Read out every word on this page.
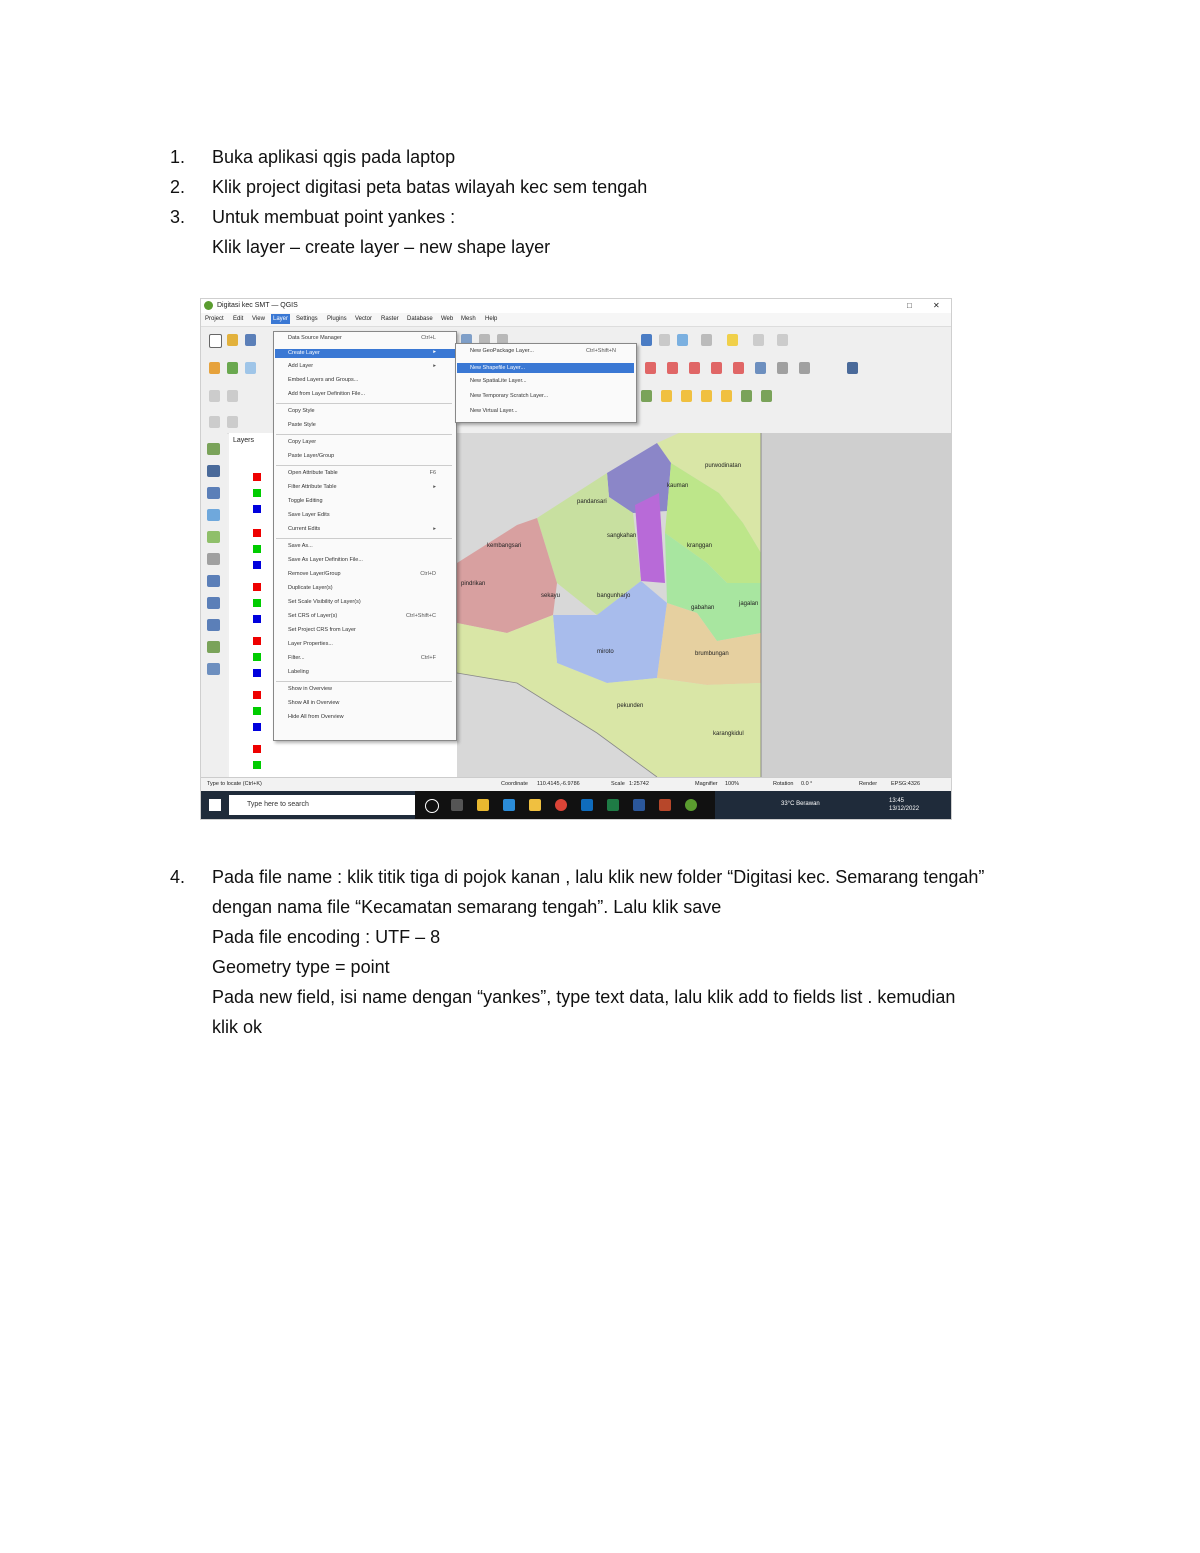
1.	Buka aplikasi qgis pada laptop
2.	Klik project digitasi peta batas wilayah kec sem tengah
3.	Untuk membuat point yankes :
Klik layer – create layer – new shape layer
Digitasi kec SMT — QGIS	□	✕
Project Edit View	Layer	Settings Plugins Vector Raster Database Web Mesh Help
Layers
purwodinatan
kauman
sekayu
sangkahan
kranggan
bangunharjo
jagalan
pindrikan
gabahan
miroto	brumbungan
pekunden
karangkidul
pandansari
kembangsari
Data Source Manager	Ctrl+L
Create Layer	▸
Add Layer	▸
Embed Layers and Groups...
Add from Layer Definition File...
Copy Style
Paste Style
Copy Layer
Paste Layer/Group
Open Attribute Table	F6
Filter Attribute Table	▸
Toggle Editing
Save Layer Edits
Current Edits	▸
Save As...
Save As Layer Definition File...
Remove Layer/Group	Ctrl+D
Duplicate Layer(s)
Set Scale Visibility of Layer(s)
Set CRS of Layer(s)	Ctrl+Shift+C
Set Project CRS from Layer
Layer Properties...
Filter...	Ctrl+F
Labeling
Show in Overview
Show All in Overview
Hide All from Overview
New GeoPackage Layer...	Ctrl+Shift+N
New Shapefile Layer...
New SpatiaLite Layer...
New Temporary Scratch Layer...
New Virtual Layer...
Type to locate (Ctrl+K)	Coordinate 110.4145,-6.9786	Scale 1:25742	Magnifier 100%	Rotation 0.0 °	Render	EPSG:4326
Type here to search	33°C Berawan	13:45
13/12/2022
4.	Pada file name : klik titik tiga di pojok kanan , lalu klik new folder “Digitasi kec. Semarang tengah”
dengan nama file “Kecamatan semarang tengah”. Lalu klik save
Pada file encoding : UTF – 8
Geometry type = point
Pada new field, isi name dengan “yankes”, type text data, lalu klik add to fields list . kemudian
klik ok
